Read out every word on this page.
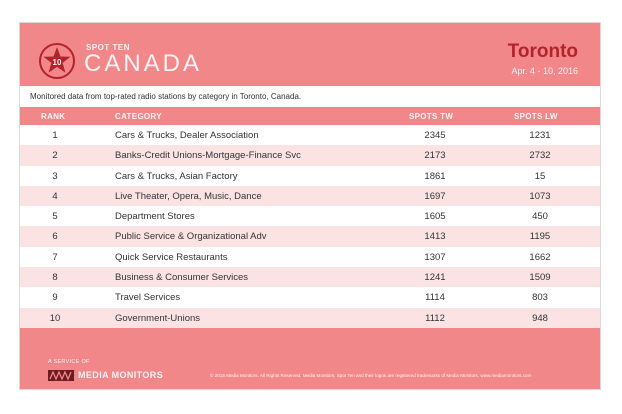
10
SPOT TEN
CANADA	Toronto
Apr. 4 - 10, 2016
Monitored data from top-rated radio stations by category in Toronto, Canada.
RANK	CATEGORY	SPOTS TW	SPOTS LW
1	Cars & Trucks, Dealer Association	2345	1231
2	Banks-Credit Unions-Mortgage-Finance Svc	2173	2732
3	Cars & Trucks, Asian Factory	1861	15
4	Live Theater, Opera, Music, Dance	1697	1073
5	Department Stores	1605	450
6	Public Service & Organizational Adv	1413	1195
7	Quick Service Restaurants	1307	1662
8	Business & Consumer Services	1241	1509
9	Travel Services	1114	803
10	Government-Unions	1112	948
A SERVICE OF
MEDIA MONITORS	© 2016 Media Monitors. All Rights Reserved. Media Monitors, Spot Ten and their logos are registered trademarks of Media Monitors. www.mediamonitors.com
